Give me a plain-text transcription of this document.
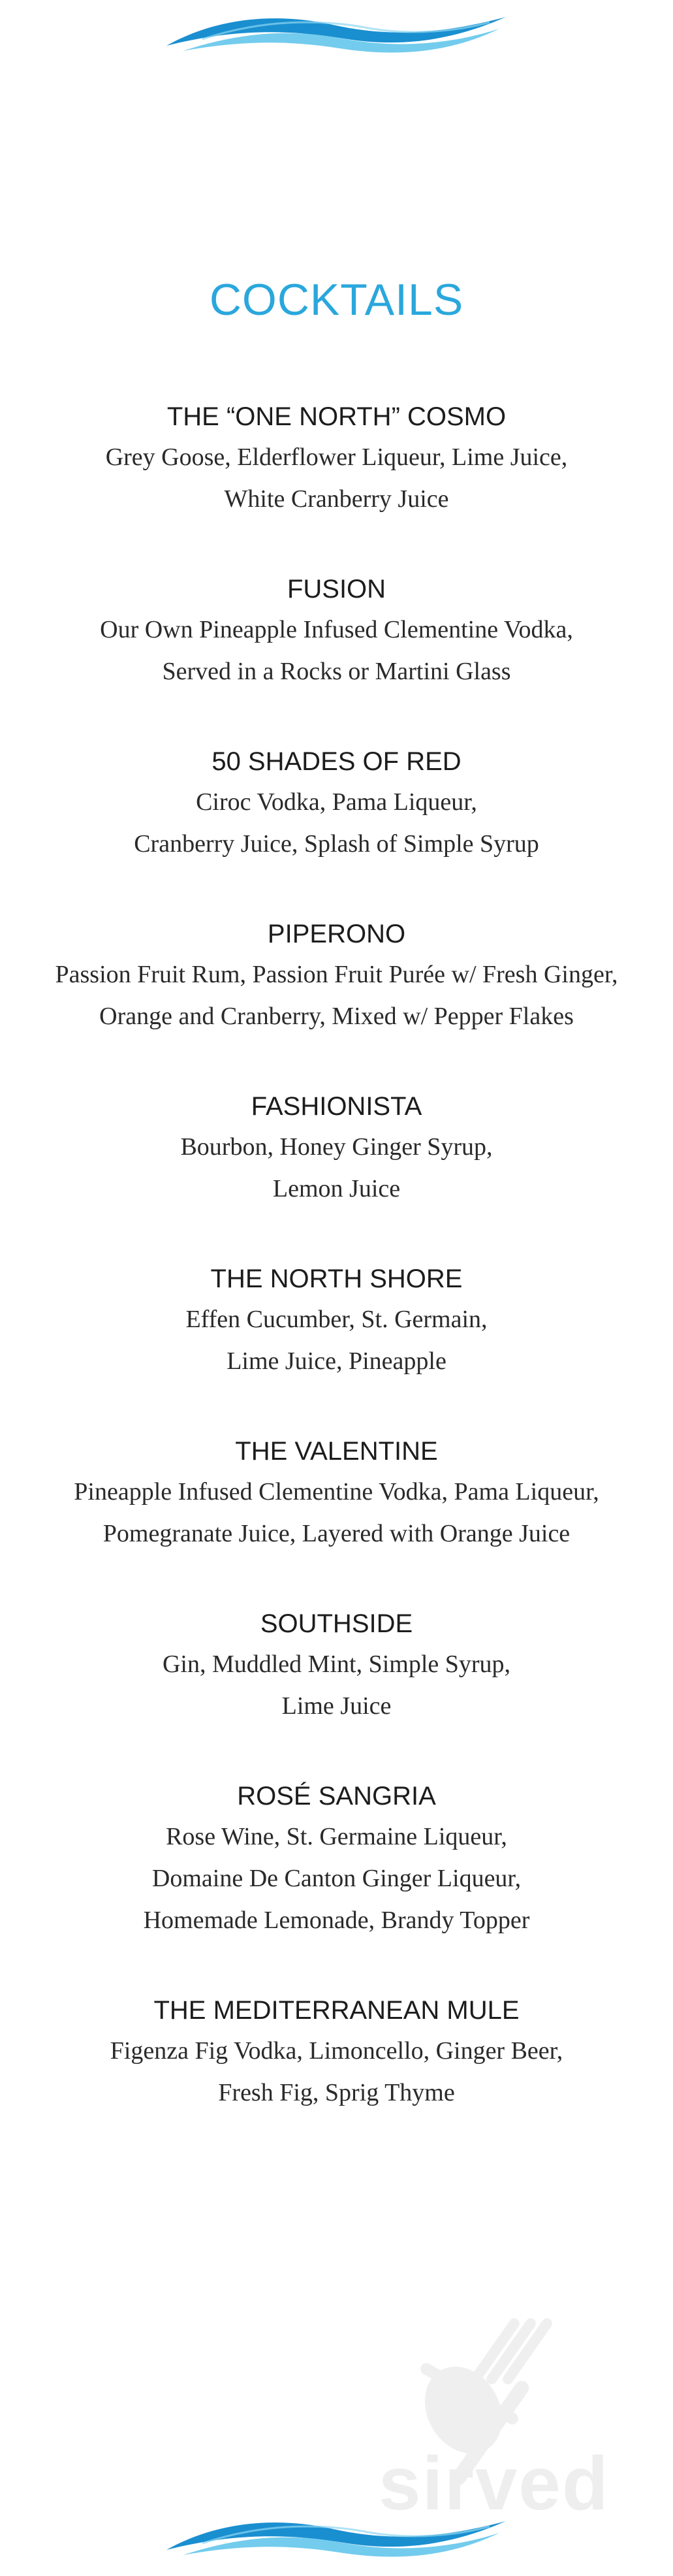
COCKTAILS
THE “ONE NORTH” COSMO

Grey Goose, Elderflower Liqueur, Lime Juice,

White Cranberry Juice

FUSION

Our Own Pineapple Infused Clementine Vodka,

Served in a Rocks or Martini Glass

50 SHADES OF RED

Ciroc Vodka, Pama Liqueur,

Cranberry Juice, Splash of Simple Syrup

PIPERONO

Passion Fruit Rum, Passion Fruit Purée w/ Fresh Ginger,

Orange and Cranberry, Mixed w/ Pepper Flakes

FASHIONISTA

Bourbon, Honey Ginger Syrup,

Lemon Juice

THE NORTH SHORE

Effen Cucumber, St. Germain,

Lime Juice, Pineapple

THE VALENTINE

Pineapple Infused Clementine Vodka, Pama Liqueur,

Pomegranate Juice, Layered with Orange Juice

SOUTHSIDE

Gin, Muddled Mint, Simple Syrup,

Lime Juice

ROSÉ SANGRIA

Rose Wine, St. Germaine Liqueur,

Domaine De Canton Ginger Liqueur,

Homemade Lemonade, Brandy Topper

THE MEDITERRANEAN MULE

Figenza Fig Vodka, Limoncello, Ginger Beer,

Fresh Fig, Sprig Thyme

sirved
